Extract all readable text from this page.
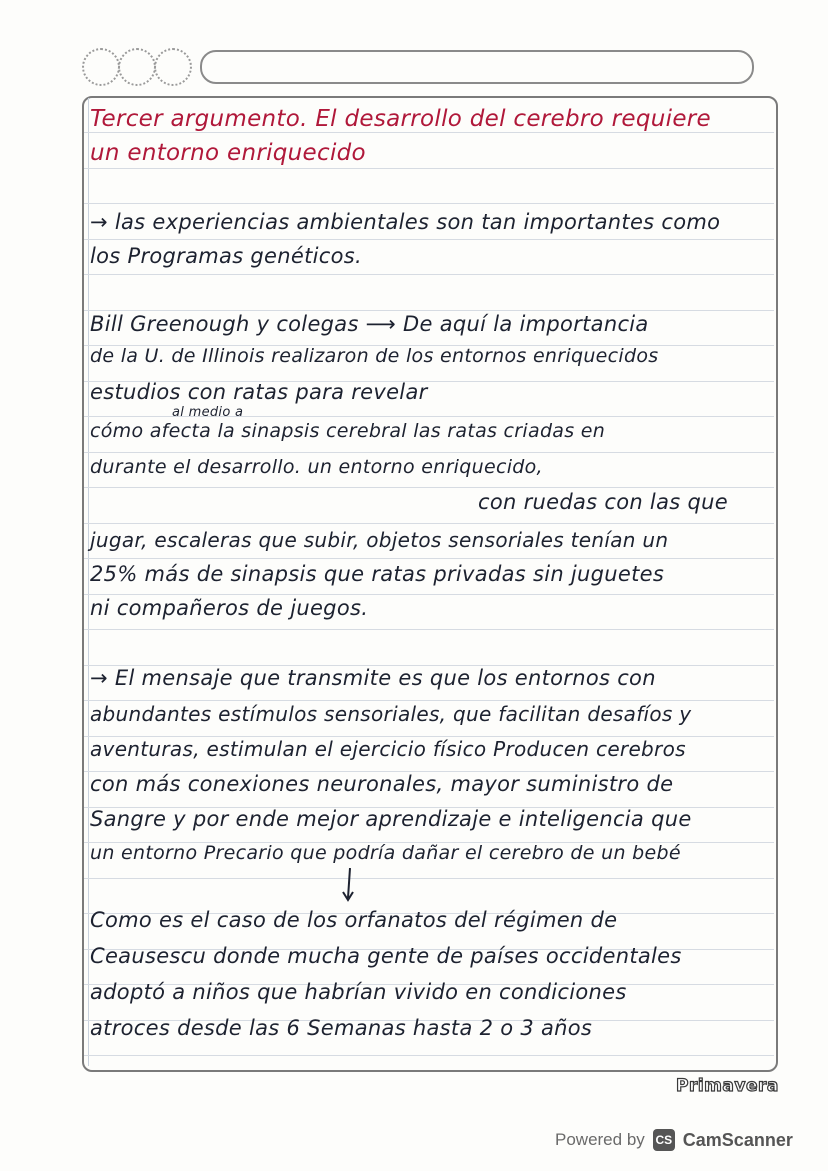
Tercer argumento. El desarrollo del cerebro requiere
un entorno enriquecido
→ las experiencias ambientales son tan importantes como
los Programas genéticos.
Bill Greenough y colegas ⟶ De aquí la importancia
de la U. de Illinois realizaron de los entornos enriquecidos
estudios con ratas para revelar
al medio a
cómo afecta la sinapsis cerebral las ratas criadas en
durante el desarrollo. un entorno enriquecido,
con ruedas con las que
jugar, escaleras que subir, objetos sensoriales tenían un
25% más de sinapsis que ratas privadas sin juguetes
ni compañeros de juegos.
→ El mensaje que transmite es que los entornos con
abundantes estímulos sensoriales, que facilitan desafíos y
aventuras, estimulan el ejercicio físico Producen cerebros
con más conexiones neuronales, mayor suministro de
Sangre y por ende mejor aprendizaje e inteligencia que
un entorno Precario que podría dañar el cerebro de un bebé
Como es el caso de los orfanatos del régimen de
Ceausescu donde mucha gente de países occidentales
adoptó a niños que habrían vivido en condiciones
atroces desde las 6 Semanas hasta 2 o 3 años
Primavera
Powered by CS CamScanner
